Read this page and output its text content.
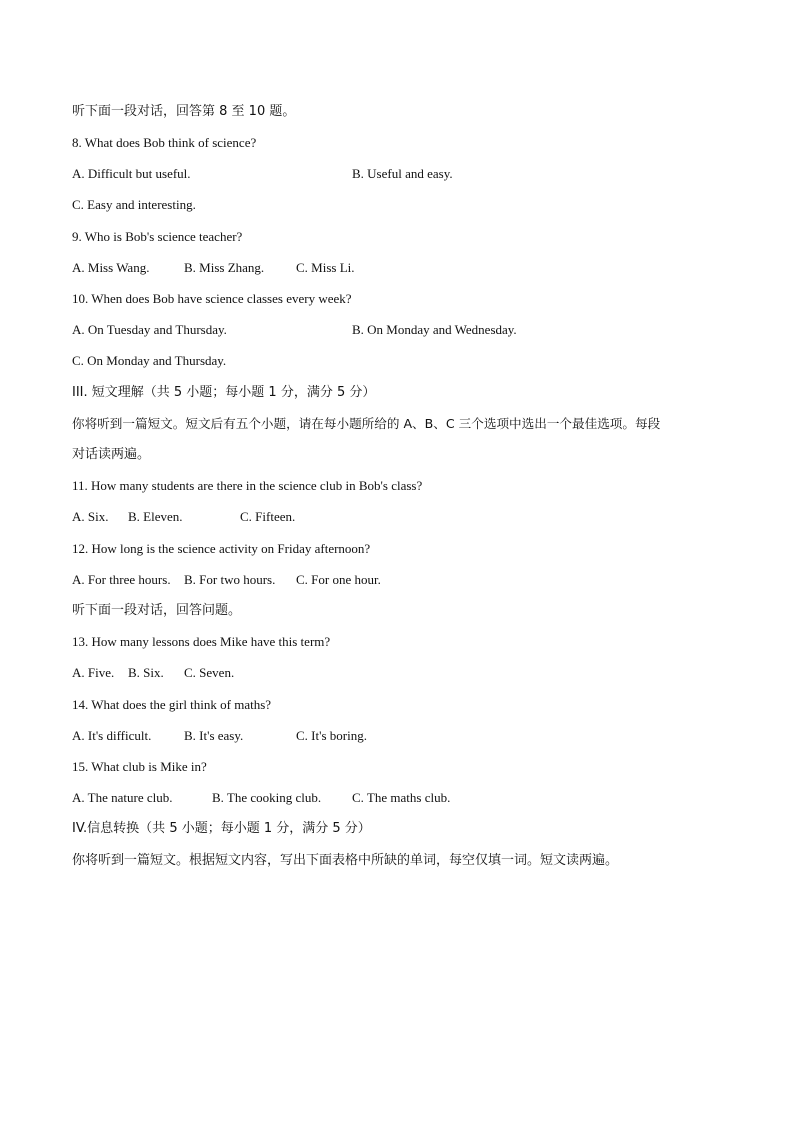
听下面一段对话，回答第 8 至 10 题。
8. What does Bob think of science?
A. Difficult but useful.	B. Useful and easy.
C. Easy and interesting.
9. Who is Bob's science teacher?
A. Miss Wang.	B. Miss Zhang. C. Miss Li.
10. When does Bob have science classes every week?
A. On Tuesday and Thursday.	B. On Monday and Wednesday.
C. On Monday and Thursday.
III. 短文理解（共 5 小题；每小题 1 分，满分 5 分）
你将听到一篇短文。短文后有五个小题，请在每小题所给的 A、B、C 三个选项中选出一个最佳选项。每段
对话读两遍。
11. How many students are there in the science club in Bob's class?
A. Six. B. Eleven.	C. Fifteen.
12. How long is the science activity on Friday afternoon?
A. For three hours. B. For two hours. C. For one hour.
听下面一段对话，回答问题。
13. How many lessons does Mike have this term?
A. Five. B. Six. C. Seven.
14. What does the girl think of maths?
A. It's difficult.	B. It's easy.	C. It's boring.
15. What club is Mike in?
A. The nature club.	B. The cooking club. C. The maths club.
IV.信息转换（共 5 小题；每小题 1 分，满分 5 分）
你将听到一篇短文。根据短文内容，写出下面表格中所缺的单词，每空仅填一词。短文读两遍。
